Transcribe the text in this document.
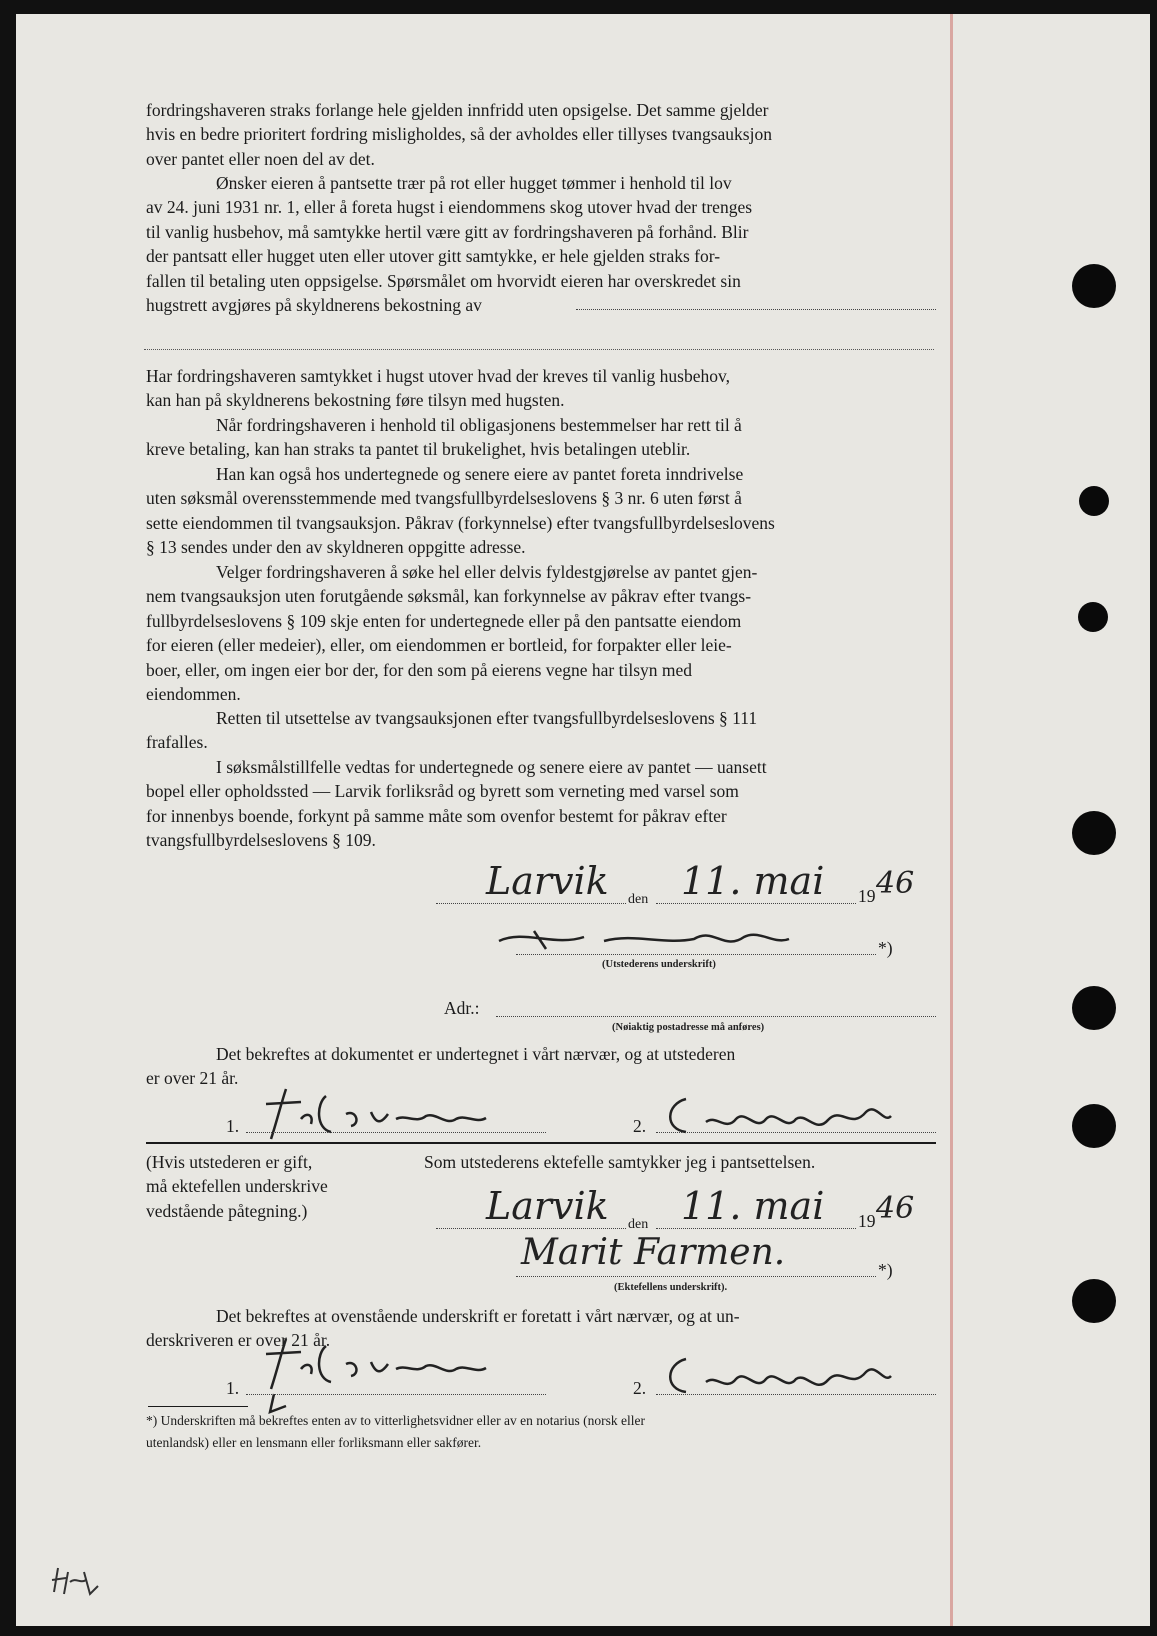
fordringshaveren straks forlange hele gjelden innfridd uten opsigelse. Det samme gjelder
hvis en bedre prioritert fordring misligholdes, så der avholdes eller tillyses tvangsauksjon
over pantet eller noen del av det.

Ønsker eieren å pantsette trær på rot eller hugget tømmer i henhold til lov
av 24. juni 1931 nr. 1, eller å foreta hugst i eiendommens skog utover hvad der trenges
til vanlig husbehov, må samtykke hertil være gitt av fordringshaveren på forhånd. Blir
der pantsatt eller hugget uten eller utover gitt samtykke, er hele gjelden straks for-
fallen til betaling uten oppsigelse. Spørsmålet om hvorvidt eieren har overskredet sin
hugstrett avgjøres på skyldnerens bekostning av

Har fordringshaveren samtykket i hugst utover hvad der kreves til vanlig husbehov,
kan han på skyldnerens bekostning føre tilsyn med hugsten.

Når fordringshaveren i henhold til obligasjonens bestemmelser har rett til å
kreve betaling, kan han straks ta pantet til brukelighet, hvis betalingen uteblir.

Han kan også hos undertegnede og senere eiere av pantet foreta inndrivelse
uten søksmål overensstemmende med tvangsfullbyrdelseslovens § 3 nr. 6 uten først å
sette eiendommen til tvangsauksjon. Påkrav (forkynnelse) efter tvangsfullbyrdelseslovens
§ 13 sendes under den av skyldneren oppgitte adresse.

Velger fordringshaveren å søke hel eller delvis fyldestgjørelse av pantet gjen-
nem tvangsauksjon uten forutgående søksmål, kan forkynnelse av påkrav efter tvangs-
fullbyrdelseslovens § 109 skje enten for undertegnede eller på den pantsatte eiendom
for eieren (eller medeier), eller, om eiendommen er bortleid, for forpakter eller leie-
boer, eller, om ingen eier bor der, for den som på eierens vegne har tilsyn med
eiendommen.

Retten til utsettelse av tvangsauksjonen efter tvangsfullbyrdelseslovens § 111
frafalles.

I søksmålstillfelle vedtas for undertegnede og senere eiere av pantet — uansett
bopel eller opholdssted — Larvik forliksråd og byrett som verneting med varsel som
for innenbys boende, forkynt på samme måte som ovenfor bestemt for påkrav efter
tvangsfullbyrdelseslovens § 109.

Larvik den 11. mai 19 46
*)
(Utstederens underskrift)
Adr.:
(Nøiaktig postadresse må anføres)

Det bekreftes at dokumentet er undertegnet i vårt nærvær, og at utstederen
er over 21 år.

1.	2.

(Hvis utstederen er gift,
må ektefellen underskrive
vedstående påtegning.)

Som utstederens ektefelle samtykker jeg i pantsettelsen.
Larvik den 11. mai 19 46
Marit Farmen.	*)
(Ektefellens underskrift).

Det bekreftes at ovenstående underskrift er foretatt i vårt nærvær, og at un-
derskriveren er over 21 år.

1.	2.
*) Underskriften må bekreftes enten av to vitterlighetsvidner eller av en notarius (norsk eller
utenlandsk) eller en lensmann eller forliksmann eller sakfører.
